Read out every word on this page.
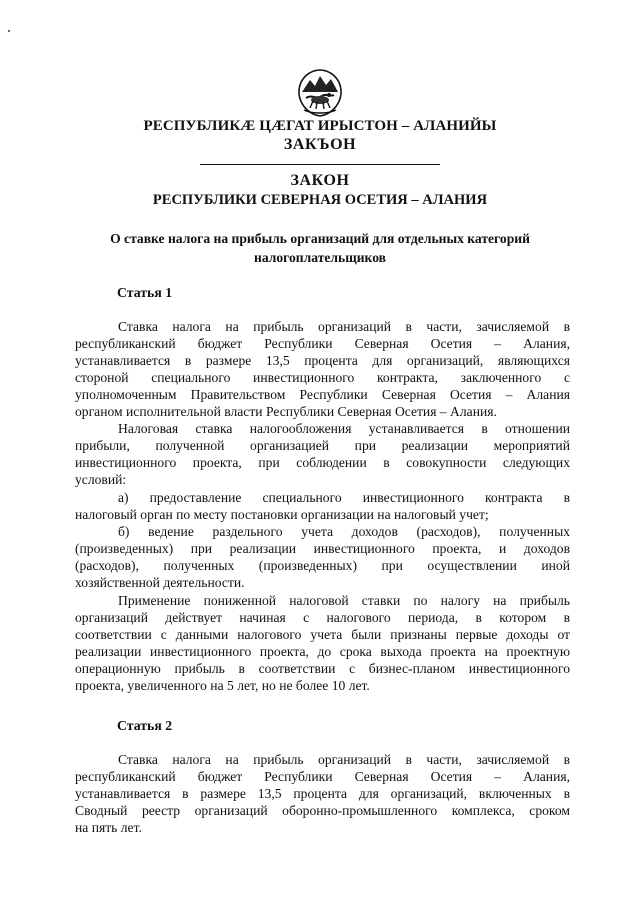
РЕСПУБЛИКÆ ЦÆГАТ ИРЫСТОН – АЛАНИЙЫ
ЗАКЪОН
ЗАКОН
РЕСПУБЛИКИ СЕВЕРНАЯ ОСЕТИЯ – АЛАНИЯ
О ставке налога на прибыль организаций для отдельных категорий
налогоплательщиков
Статья 1
Ставка налога на прибыль организаций в части, зачисляемой в
республиканский бюджет Республики Северная Осетия – Алания,
устанавливается в размере 13,5 процента для организаций, являющихся
стороной специального инвестиционного контракта, заключенного с
уполномоченным Правительством Республики Северная Осетия – Алания
органом исполнительной власти Республики Северная Осетия – Алания.
Налоговая ставка налогообложения устанавливается в отношении
прибыли, полученной организацией при реализации мероприятий
инвестиционного проекта, при соблюдении в совокупности следующих
условий:
а) предоставление специального инвестиционного контракта в
налоговый орган по месту постановки организации на налоговый учет;
б) ведение раздельного учета доходов (расходов), полученных
(произведенных) при реализации инвестиционного проекта, и доходов
(расходов), полученных (произведенных) при осуществлении иной
хозяйственной деятельности.
Применение пониженной налоговой ставки по налогу на прибыль
организаций действует начиная с налогового периода, в котором в
соответствии с данными налогового учета были признаны первые доходы от
реализации инвестиционного проекта, до срока выхода проекта на проектную
операционную прибыль в соответствии с бизнес-планом инвестиционного
проекта, увеличенного на 5 лет, но не более 10 лет.
Статья 2
Ставка налога на прибыль организаций в части, зачисляемой в
республиканский бюджет Республики Северная Осетия – Алания,
устанавливается в размере 13,5 процента для организаций, включенных в
Сводный реестр организаций оборонно-промышленного комплекса, сроком
на пять лет.
